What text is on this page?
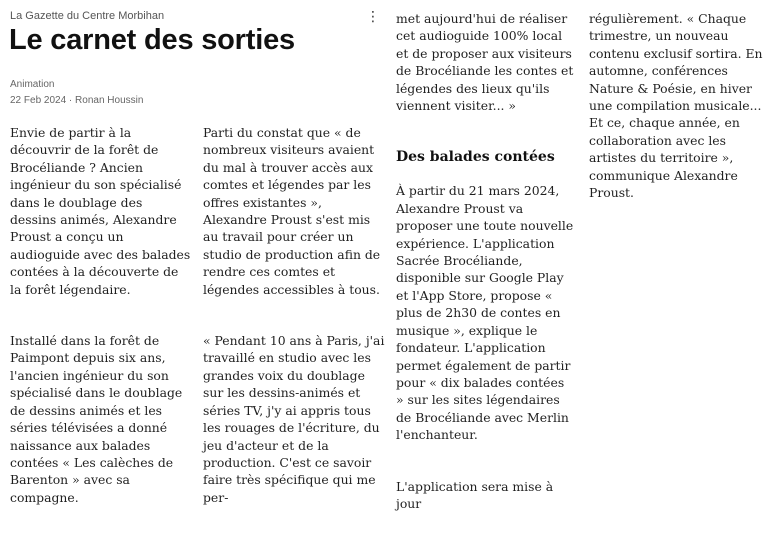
La Gazette du Centre Morbihan
Le carnet des sorties
⋮
Animation
22 Feb 2024 · Ronan Houssin

Envie de partir à la découvrir de la forêt de Brocéliande ? Ancien ingénieur du son spécialisé dans le doublage des dessins animés, Alexandre Proust a conçu un audioguide avec des balades contées à la découverte de la forêt légendaire.

Installé dans la forêt de Paimpont depuis six ans, l'ancien ingénieur du son spécialisé dans le doublage de dessins animés et les séries télévisées a donné naissance aux balades contées « Les calèches de Barenton » avec sa compagne.

Parti du constat que « de nombreux visiteurs avaient du mal à trouver accès aux comtes et légendes par les offres existantes », Alexandre Proust s'est mis au travail pour créer un studio de production afin de rendre ces comtes et légendes accessibles à tous.

« Pendant 10 ans à Paris, j'ai travaillé en studio avec les grandes voix du doublage sur les dessins-animés et séries TV, j'y ai appris tous les rouages de l'écriture, du jeu d'acteur et de la production. C'est ce savoir faire très spécifique qui me per-

met aujourd'hui de réaliser cet audioguide 100% local et de proposer aux visiteurs de Brocéliande les contes et légendes des lieux qu'ils viennent visiter... »

Des balades contées

À partir du 21 mars 2024, Alexandre Proust va proposer une toute nouvelle expérience. L'application Sacrée Brocéliande, disponible sur Google Play et l'App Store, propose « plus de 2h30 de contes en musique », explique le fondateur. L'application permet également de partir pour « dix balades contées » sur les sites légendaires de Brocéliande avec Merlin l'enchanteur.

L'application sera mise à jour

régulièrement. « Chaque trimestre, un nouveau contenu exclusif sortira. En automne, conférences Nature & Poésie, en hiver une compilation musicale... Et ce, chaque année, en collaboration avec les artistes du territoire », communique Alexandre Proust.
